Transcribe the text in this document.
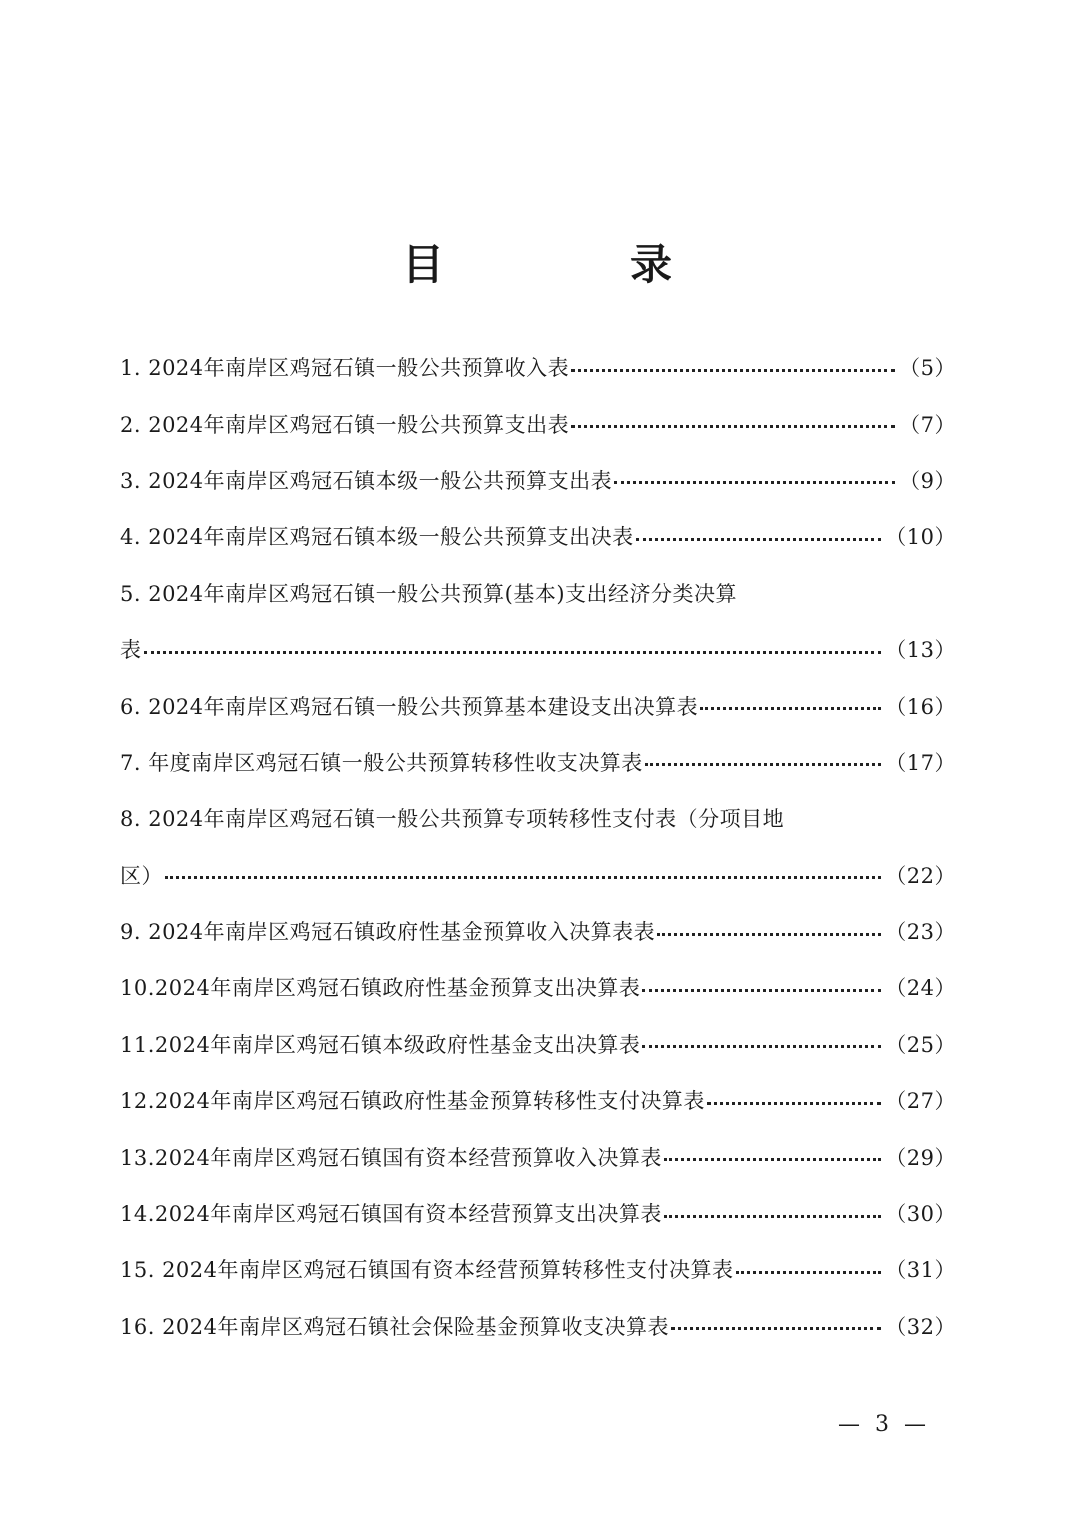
目　录
1. 2024年南岸区鸡冠石镇一般公共预算收入表	（5）
2. 2024年南岸区鸡冠石镇一般公共预算支出表	（7）
3. 2024年南岸区鸡冠石镇本级一般公共预算支出表	（9）
4. 2024年南岸区鸡冠石镇本级一般公共预算支出决表	（10）
5. 2024年南岸区鸡冠石镇一般公共预算(基本)支出经济分类决算
表	（13）
6. 2024年南岸区鸡冠石镇一般公共预算基本建设支出决算表	（16）
7. 年度南岸区鸡冠石镇一般公共预算转移性收支决算表	（17）
8. 2024年南岸区鸡冠石镇一般公共预算专项转移性支付表（分项目地
区）	（22）
9. 2024年南岸区鸡冠石镇政府性基金预算收入决算表表	（23）
10.2024年南岸区鸡冠石镇政府性基金预算支出决算表	（24）
11.2024年南岸区鸡冠石镇本级政府性基金支出决算表	（25）
12.2024年南岸区鸡冠石镇政府性基金预算转移性支付决算表	（27）
13.2024年南岸区鸡冠石镇国有资本经营预算收入决算表	（29）
14.2024年南岸区鸡冠石镇国有资本经营预算支出决算表	（30）
15. 2024年南岸区鸡冠石镇国有资本经营预算转移性支付决算表	（31）
16. 2024年南岸区鸡冠石镇社会保险基金预算收支决算表	（32）
— 3 —
